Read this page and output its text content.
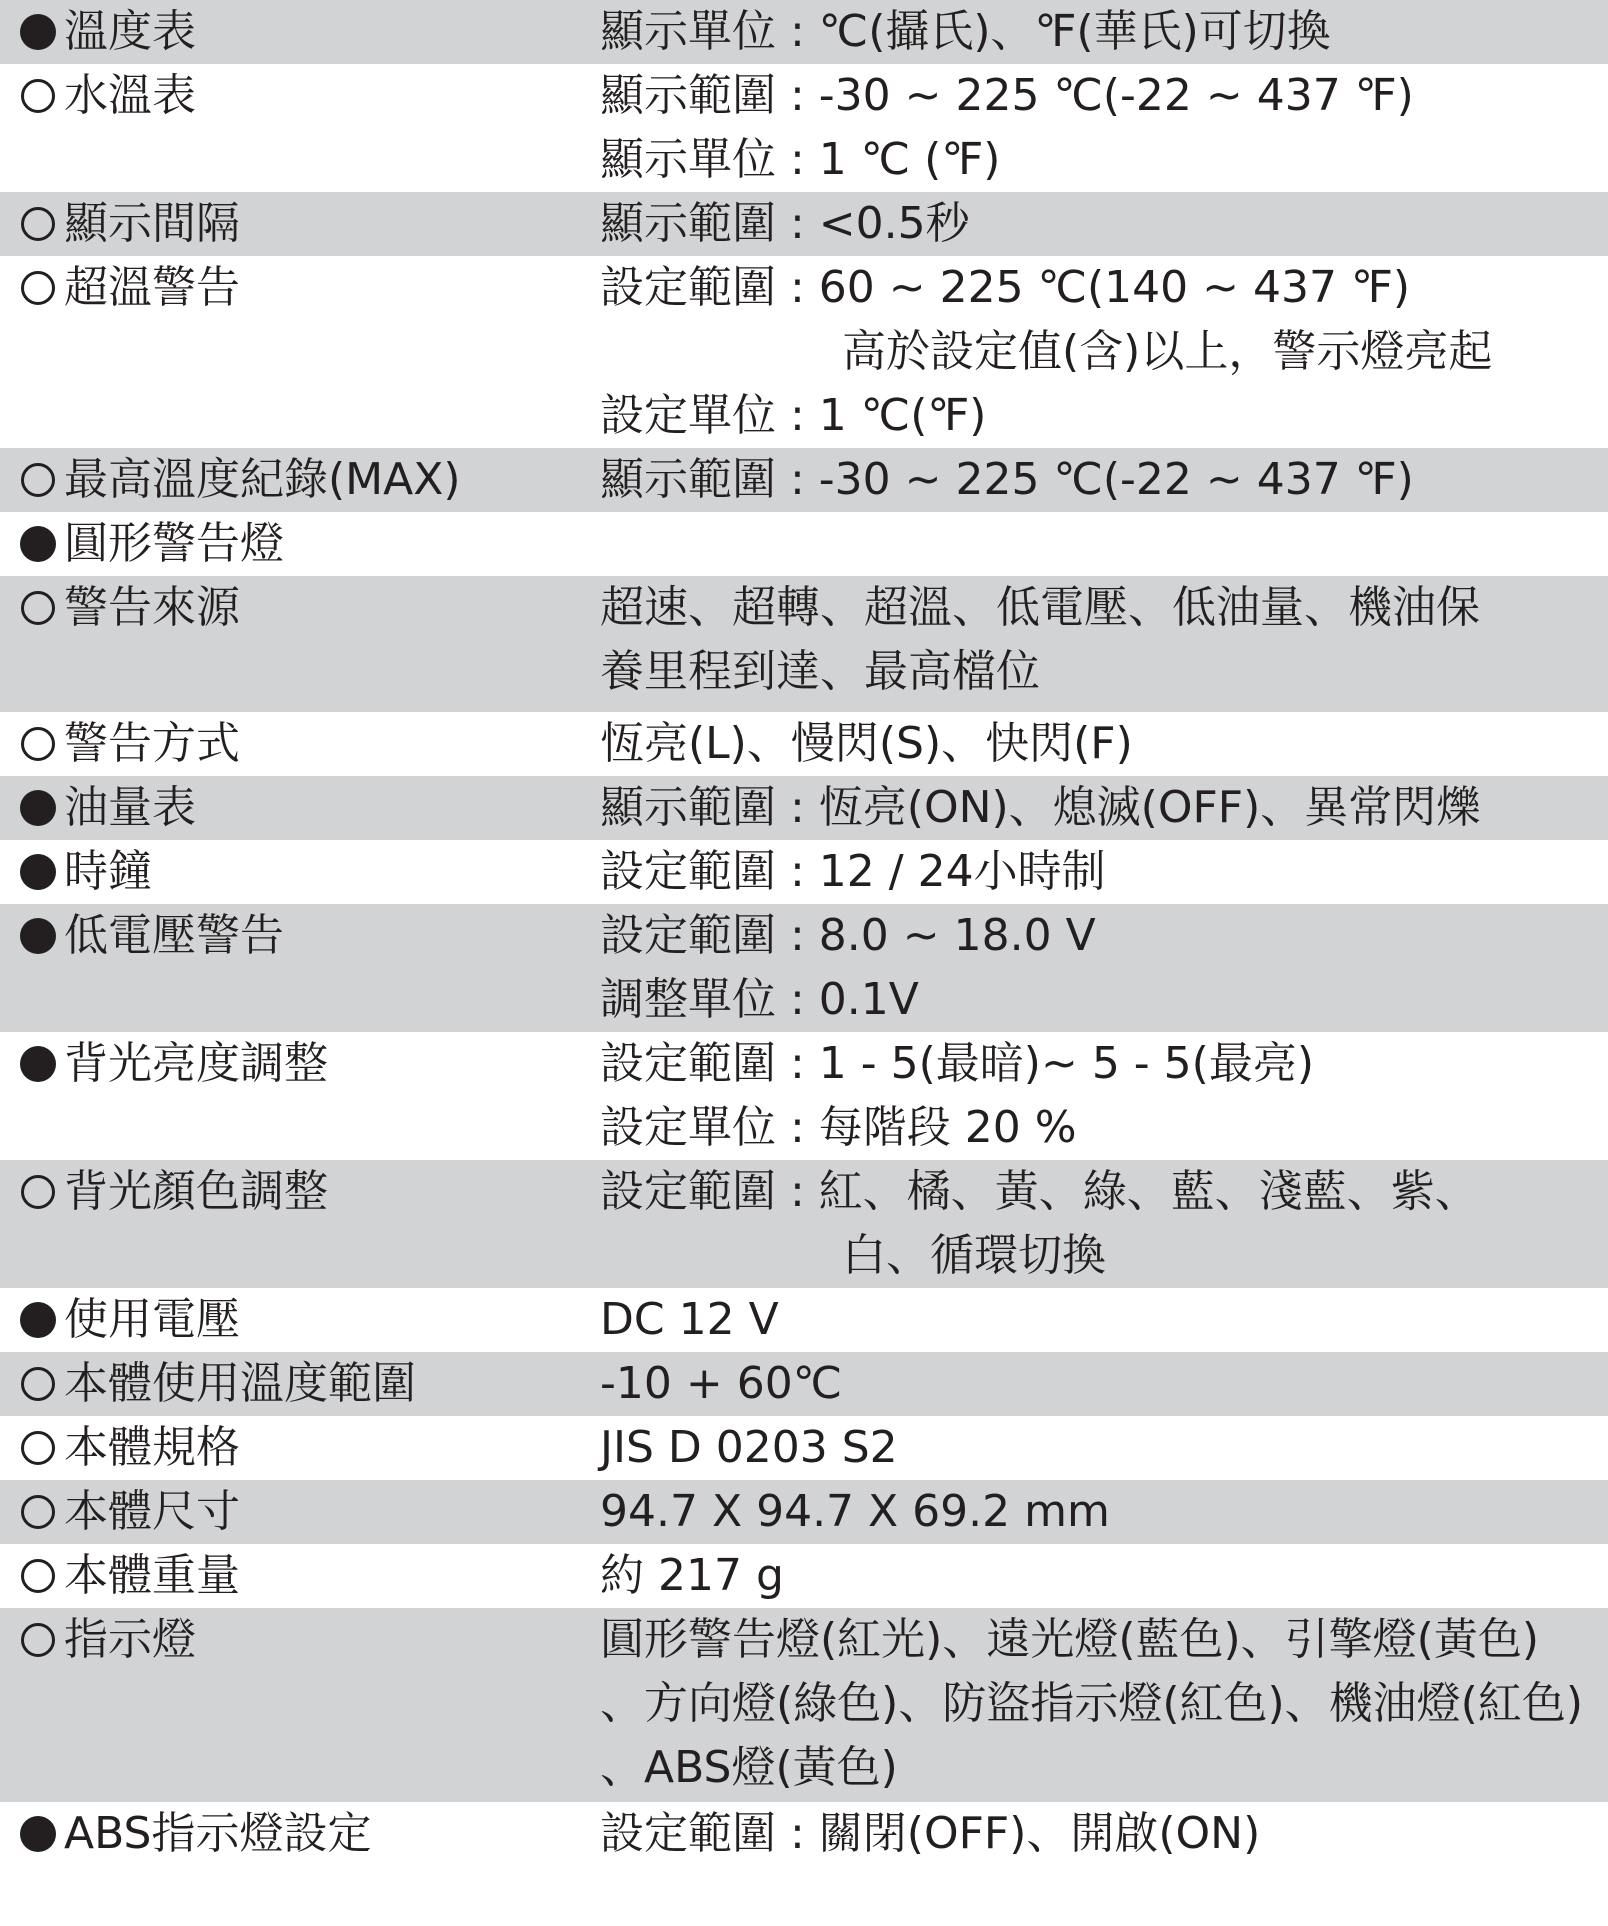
溫度表	顯示單位 : ℃(攝氏)、℉(華氏)可切換
水溫表	顯示範圍 : -30 ~ 225 ℃(-22 ~ 437 ℉)
顯示單位 : 1 ℃ (℉)
顯示間隔	顯示範圍 : <0.5秒
超溫警告	設定範圍 : 60 ~ 225 ℃(140 ~ 437 ℉)
高於設定值(含)以上，警示燈亮起
設定單位 : 1 ℃(℉)
最高溫度紀錄(MAX)	顯示範圍 : -30 ~ 225 ℃(-22 ~ 437 ℉)
圓形警告燈
警告來源	超速、超轉、超溫、低電壓、低油量、機油保
養里程到達、最高檔位
警告方式	恆亮(L)、慢閃(S)、快閃(F)
油量表	顯示範圍 : 恆亮(ON)、熄滅(OFF)、異常閃爍
時鐘	設定範圍 : 12 / 24小時制
低電壓警告	設定範圍 : 8.0 ~ 18.0 V
調整單位 : 0.1V
背光亮度調整	設定範圍 : 1 - 5(最暗)~ 5 - 5(最亮)
設定單位 : 每階段 20 %
背光顏色調整	設定範圍 : 紅、橘、黃、綠、藍、淺藍、紫、
白、循環切換
使用電壓	DC 12 V
本體使用溫度範圍	-10 + 60℃
本體規格	JIS D 0203 S2
本體尺寸	94.7 X 94.7 X 69.2 mm
本體重量	約 217 g
指示燈	圓形警告燈(紅光)、遠光燈(藍色)、引擎燈(黃色)
、方向燈(綠色)、防盜指示燈(紅色)、機油燈(紅色)
、ABS燈(黃色)
ABS指示燈設定	設定範圍 : 關閉(OFF)、開啟(ON)
